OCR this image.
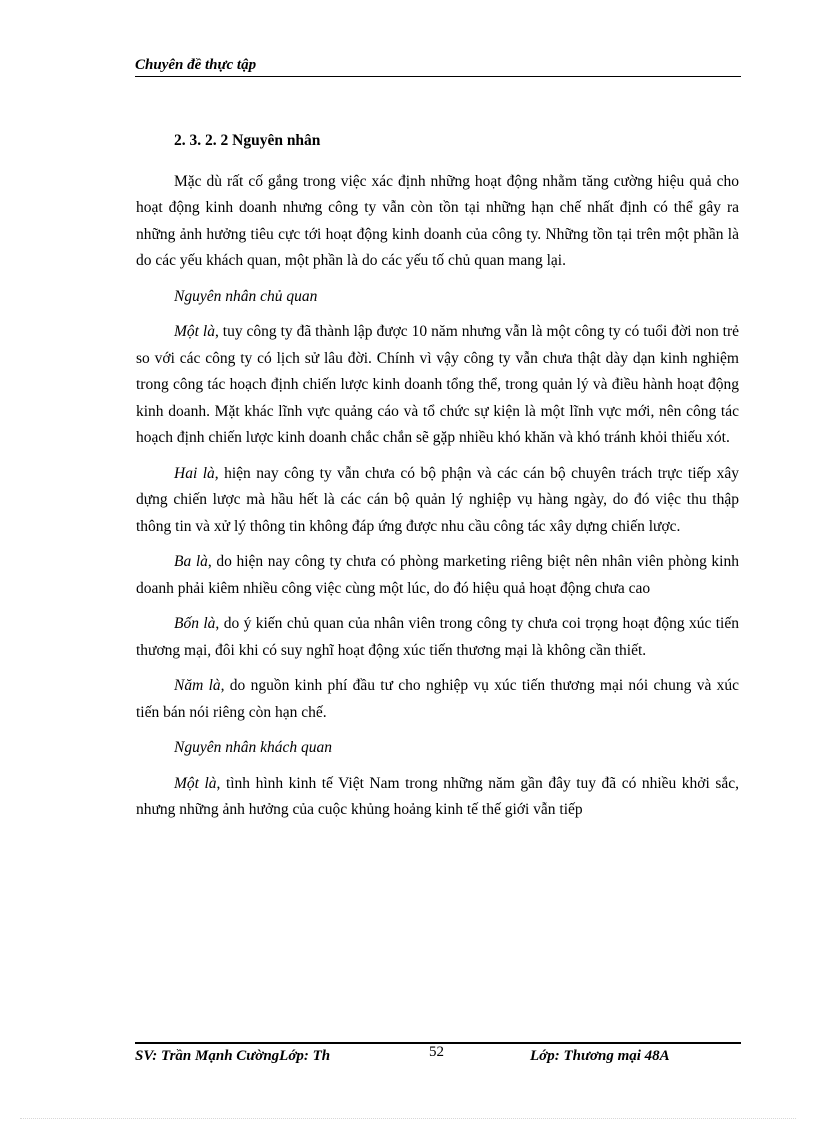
Chuyên đề thực tập

2. 3. 2. 2 Nguyên nhân

Mặc dù rất cố gắng trong việc xác định những hoạt động nhằm tăng cường hiệu quả cho hoạt động kinh doanh nhưng công ty vẫn còn tồn tại những hạn chế nhất định có thể gây ra những ảnh hưởng tiêu cực tới hoạt động kinh doanh của công ty. Những tồn tại trên một phần là do các yếu khách quan, một phần là do các yếu tố chủ quan mang lại.

Nguyên nhân chủ quan

Một là, tuy công ty đã thành lập được 10 năm nhưng vẫn là một công ty có tuổi đời non trẻ so với các công ty có lịch sử lâu đời. Chính vì vậy công ty vẫn chưa thật dày dạn kinh nghiệm trong công tác hoạch định chiến lược kinh doanh tổng thể, trong quản lý và điều hành hoạt động kinh doanh. Mặt khác lĩnh vực quảng cáo và tổ chức sự kiện là một lĩnh vực mới, nên công tác hoạch định chiến lược kinh doanh chắc chắn sẽ gặp nhiều khó khăn và khó tránh khỏi thiếu xót.

Hai là, hiện nay công ty vẫn chưa có bộ phận và các cán bộ chuyên trách trực tiếp xây dựng chiến lược mà hầu hết là các cán bộ quản lý nghiệp vụ hàng ngày, do đó việc thu thập thông tin và xử lý thông tin không đáp ứng được nhu cầu công tác xây dựng chiến lược.

Ba là, do hiện nay công ty chưa có phòng marketing riêng biệt nên nhân viên phòng kinh doanh phải kiêm nhiều công việc cùng một lúc, do đó hiệu quả hoạt động chưa cao

Bốn là, do ý kiến chủ quan của nhân viên trong công ty chưa coi trọng hoạt động xúc tiến thương mại, đôi khi có suy nghĩ hoạt động xúc tiến thương mại là không cần thiết.

Năm là, do nguồn kinh phí đầu tư cho nghiệp vụ xúc tiến thương mại nói chung và xúc tiến bán nói riêng còn hạn chế.

Nguyên nhân khách quan

Một là, tình hình kinh tế Việt Nam trong những năm gần đây tuy đã có nhiều khởi sắc, nhưng những ảnh hưởng của cuộc khủng hoảng kinh tế thế giới vẫn tiếp

SV: Trần Mạnh CườngLớp: Th	52	Lớp: Thương mại 48A
